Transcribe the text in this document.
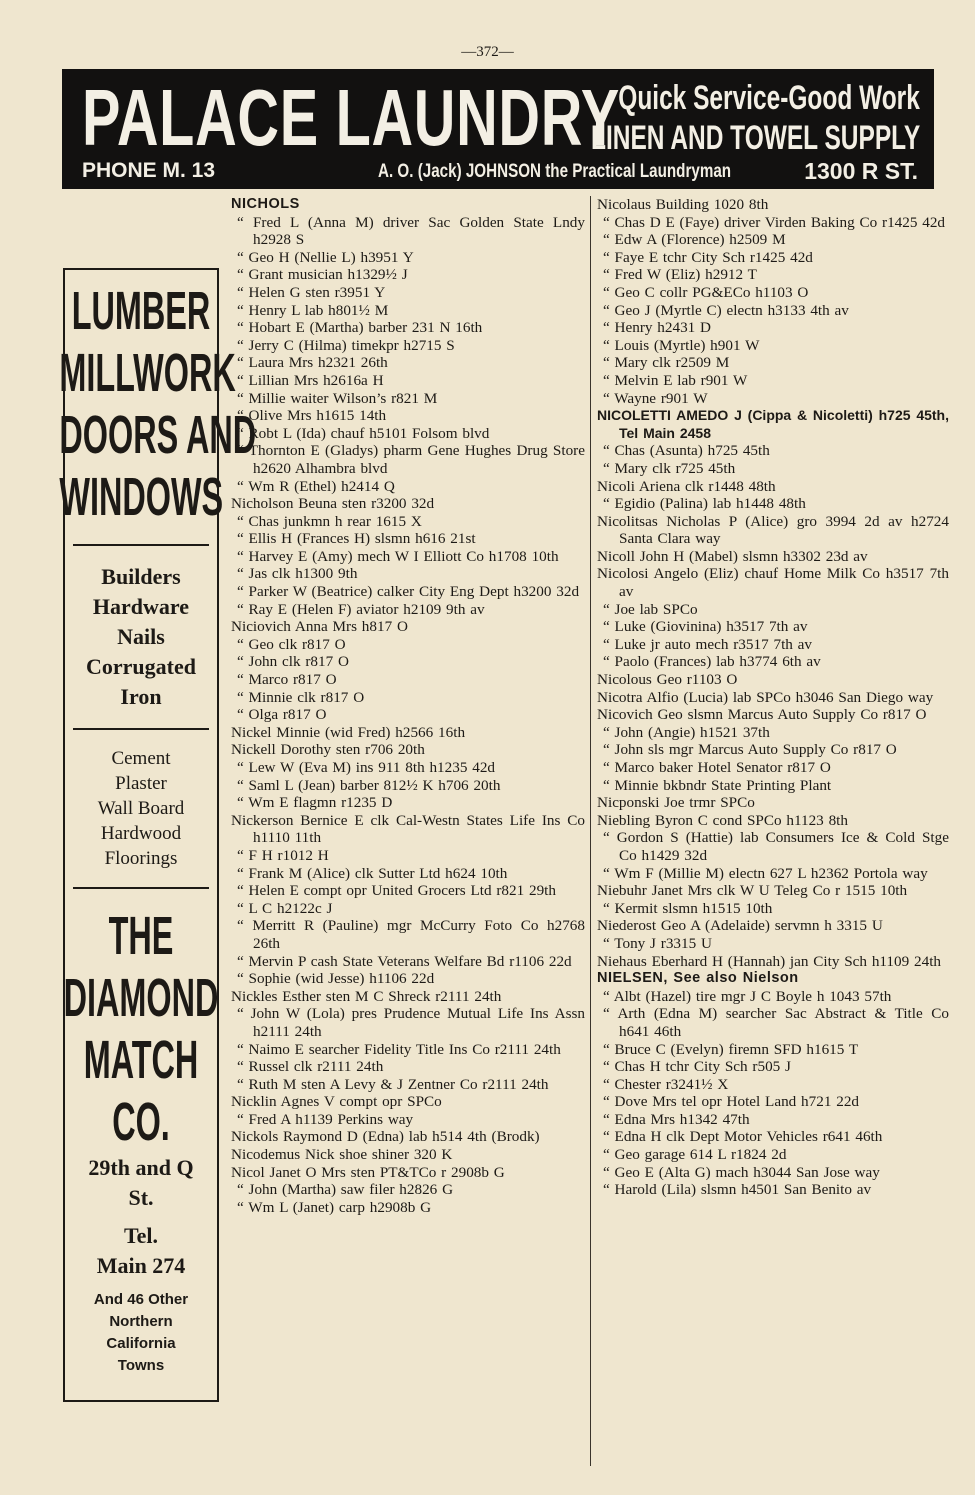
—372—
PALACE LAUNDRY
Quick Service-Good Work
LINEN AND TOWEL SUPPLY
PHONE M. 13	A. O. (Jack) JOHNSON the Practical Laundryman	1300 R ST.
LUMBER
MILLWORK
DOORS AND
WINDOWS
Builders
Hardware
Nails
Corrugated
Iron
Cement
Plaster
Wall Board
Hardwood
Floorings
THE
DIAMOND
MATCH
CO.
29th and Q
St.
Tel.
Main 274
And 46 Other
Northern
California
Towns
NICHOLS
“ Fred L (Anna M) driver Sac Golden State Lndy h2928 S
“ Geo H (Nellie L) h3951 Y
“ Grant musician h1329½ J
“ Helen G sten r3951 Y
“ Henry L lab h801½ M
“ Hobart E (Martha) barber 231 N 16th
“ Jerry C (Hilma) timekpr h2715 S
“ Laura Mrs h2321 26th
“ Lillian Mrs h2616a H
“ Millie waiter Wilson’s r821 M
“ Olive Mrs h1615 14th
“ Robt L (Ida) chauf h5101 Folsom blvd
“ Thornton E (Gladys) pharm Gene Hughes Drug Store h2620 Alhambra blvd
“ Wm R (Ethel) h2414 Q
Nicholson Beuna sten r3200 32d
“ Chas junkmn h rear 1615 X
“ Ellis H (Frances H) slsmn h616 21st
“ Harvey E (Amy) mech W I Elliott Co h1708 10th
“ Jas clk h1300 9th
“ Parker W (Beatrice) calker City Eng Dept h3200 32d
“ Ray E (Helen F) aviator h2109 9th av
Niciovich Anna Mrs h817 O
“ Geo clk r817 O
“ John clk r817 O
“ Marco r817 O
“ Minnie clk r817 O
“ Olga r817 O
Nickel Minnie (wid Fred) h2566 16th
Nickell Dorothy sten r706 20th
“ Lew W (Eva M) ins 911 8th h1235 42d
“ Saml L (Jean) barber 812½ K h706 20th
“ Wm E flagmn r1235 D
Nickerson Bernice E clk Cal-Westn States Life Ins Co h1110 11th
“ F H r1012 H
“ Frank M (Alice) clk Sutter Ltd h624 10th
“ Helen E compt opr United Grocers Ltd r821 29th
“ L C h2122c J
“ Merritt R (Pauline) mgr McCurry Foto Co h2768 26th
“ Mervin P cash State Veterans Welfare Bd r1106 22d
“ Sophie (wid Jesse) h1106 22d
Nickles Esther sten M C Shreck r2111 24th
“ John W (Lola) pres Prudence Mutual Life Ins Assn h2111 24th
“ Naimo E searcher Fidelity Title Ins Co r2111 24th
“ Russel clk r2111 24th
“ Ruth M sten A Levy & J Zentner Co r2111 24th
Nicklin Agnes V compt opr SPCo
“ Fred A h1139 Perkins way
Nickols Raymond D (Edna) lab h514 4th (Brodk)
Nicodemus Nick shoe shiner 320 K
Nicol Janet O Mrs sten PT&TCo r 2908b G
“ John (Martha) saw filer h2826 G
“ Wm L (Janet) carp h2908b G
Nicolaus Building 1020 8th
“ Chas D E (Faye) driver Virden Baking Co r1425 42d
“ Edw A (Florence) h2509 M
“ Faye E tchr City Sch r1425 42d
“ Fred W (Eliz) h2912 T
“ Geo C collr PG&ECo h1103 O
“ Geo J (Myrtle C) electn h3133 4th av
“ Henry h2431 D
“ Louis (Myrtle) h901 W
“ Mary clk r2509 M
“ Melvin E lab r901 W
“ Wayne r901 W
NICOLETTI AMEDO J (Cippa & Nicoletti) h725 45th, Tel Main 2458
“ Chas (Asunta) h725 45th
“ Mary clk r725 45th
Nicoli Ariena clk r1448 48th
“ Egidio (Palina) lab h1448 48th
Nicolitsas Nicholas P (Alice) gro 3994 2d av h2724 Santa Clara way
Nicoll John H (Mabel) slsmn h3302 23d av
Nicolosi Angelo (Eliz) chauf Home Milk Co h3517 7th av
“ Joe lab SPCo
“ Luke (Giovinina) h3517 7th av
“ Luke jr auto mech r3517 7th av
“ Paolo (Frances) lab h3774 6th av
Nicolous Geo r1103 O
Nicotra Alfio (Lucia) lab SPCo h3046 San Diego way
Nicovich Geo slsmn Marcus Auto Supply Co r817 O
“ John (Angie) h1521 37th
“ John sls mgr Marcus Auto Supply Co r817 O
“ Marco baker Hotel Senator r817 O
“ Minnie bkbndr State Printing Plant
Nicponski Joe trmr SPCo
Niebling Byron C cond SPCo h1123 8th
“ Gordon S (Hattie) lab Consumers Ice & Cold Stge Co h1429 32d
“ Wm F (Millie M) electn 627 L h2362 Portola way
Niebuhr Janet Mrs clk W U Teleg Co r 1515 10th
“ Kermit slsmn h1515 10th
Niederost Geo A (Adelaide) servmn h 3315 U
“ Tony J r3315 U
Niehaus Eberhard H (Hannah) jan City Sch h1109 24th
NIELSEN, See also Nielson
“ Albt (Hazel) tire mgr J C Boyle h 1043 57th
“ Arth (Edna M) searcher Sac Abstract & Title Co h641 46th
“ Bruce C (Evelyn) firemn SFD h1615 T
“ Chas H tchr City Sch r505 J
“ Chester r3241½ X
“ Dove Mrs tel opr Hotel Land h721 22d
“ Edna Mrs h1342 47th
“ Edna H clk Dept Motor Vehicles r641 46th
“ Geo garage 614 L r1824 2d
“ Geo E (Alta G) mach h3044 San Jose way
“ Harold (Lila) slsmn h4501 San Benito av
